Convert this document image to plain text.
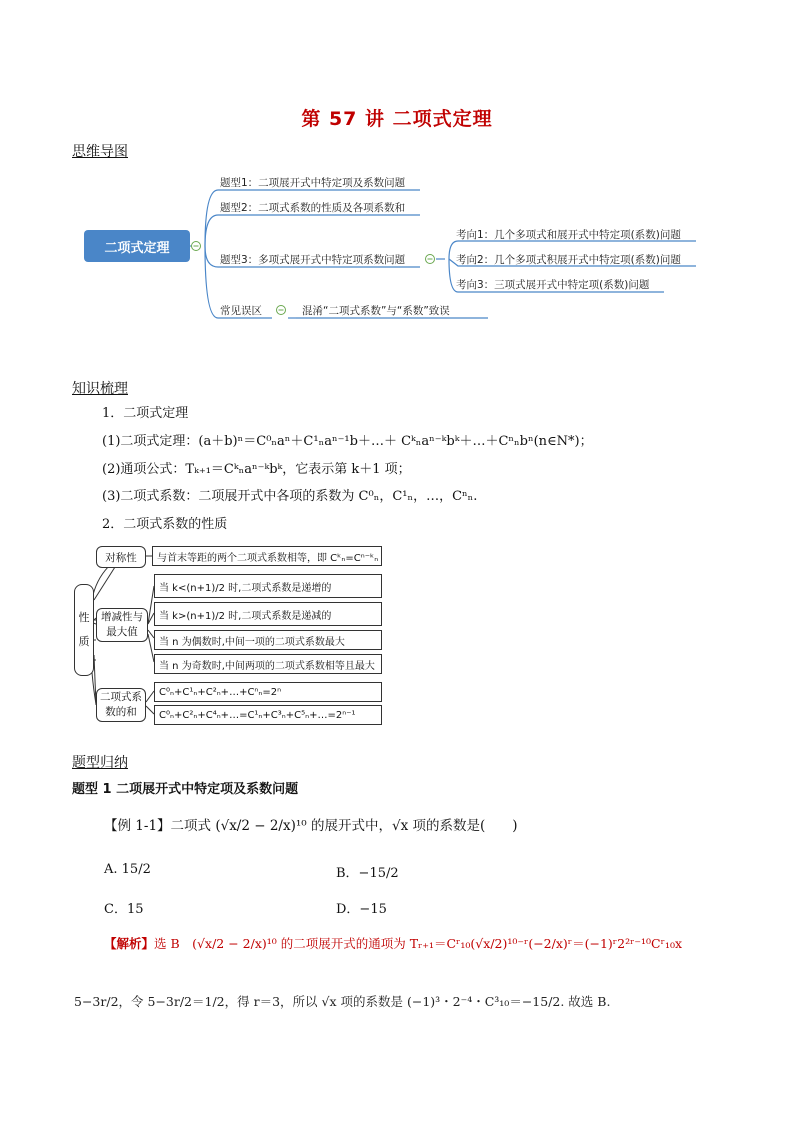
第 57 讲 二项式定理
思维导图
二项式定理
题型1：二项展开式中特定项及系数问题
题型2：二项式系数的性质及各项系数和
题型3：多项式展开式中特定项系数问题
常见误区
考向1：几个多项式和展开式中特定项(系数)问题
考向2：几个多项式积展开式中特定项(系数)问题
考向3：三项式展开式中特定项(系数)问题
混淆“二项式系数”与“系数”致误
知识梳理
1．二项式定理
(1)二项式定理：(a＋b)ⁿ＝C⁰ₙaⁿ＋C¹ₙaⁿ⁻¹b＋…＋ Cᵏₙaⁿ⁻ᵏbᵏ＋…＋Cⁿₙbⁿ(n∈N*)；
(2)通项公式：Tₖ₊₁＝Cᵏₙaⁿ⁻ᵏbᵏ，它表示第 k＋1 项；
(3)二项式系数：二项展开式中各项的系数为 C⁰ₙ，C¹ₙ，…，Cⁿₙ.
2．二项式系数的性质
性质
对称性
增减性与最大值
二项式系数的和
与首末等距的两个二项式系数相等，即 Cᵏₙ=Cⁿ⁻ᵏₙ
当 k<(n+1)/2 时,二项式系数是递增的
当 k>(n+1)/2 时,二项式系数是递减的
当 n 为偶数时,中间一项的二项式系数最大
当 n 为奇数时,中间两项的二项式系数相等且最大
C⁰ₙ+C¹ₙ+C²ₙ+…+Cⁿₙ=2ⁿ
C⁰ₙ+C²ₙ+C⁴ₙ+…=C¹ₙ+C³ₙ+C⁵ₙ+…=2ⁿ⁻¹
题型归纳
题型 1 二项展开式中特定项及系数问题
【例 1-1】二项式 (√x/2 − 2/x)¹⁰ 的展开式中，√x 项的系数是(　　)
A. 15/2	B．−15/2
C．15	D．−15
【解析】选 B　(√x/2 − 2/x)¹⁰ 的二项展开式的通项为 Tᵣ₊₁＝Cʳ₁₀(√x/2)¹⁰⁻ʳ(−2/x)ʳ＝(−1)ʳ2²ʳ⁻¹⁰Cʳ₁₀x
5−3r/2，令 5−3r/2＝1/2，得 r＝3，所以 √x 项的系数是 (−1)³・2⁻⁴・C³₁₀＝−15/2. 故选 B.
